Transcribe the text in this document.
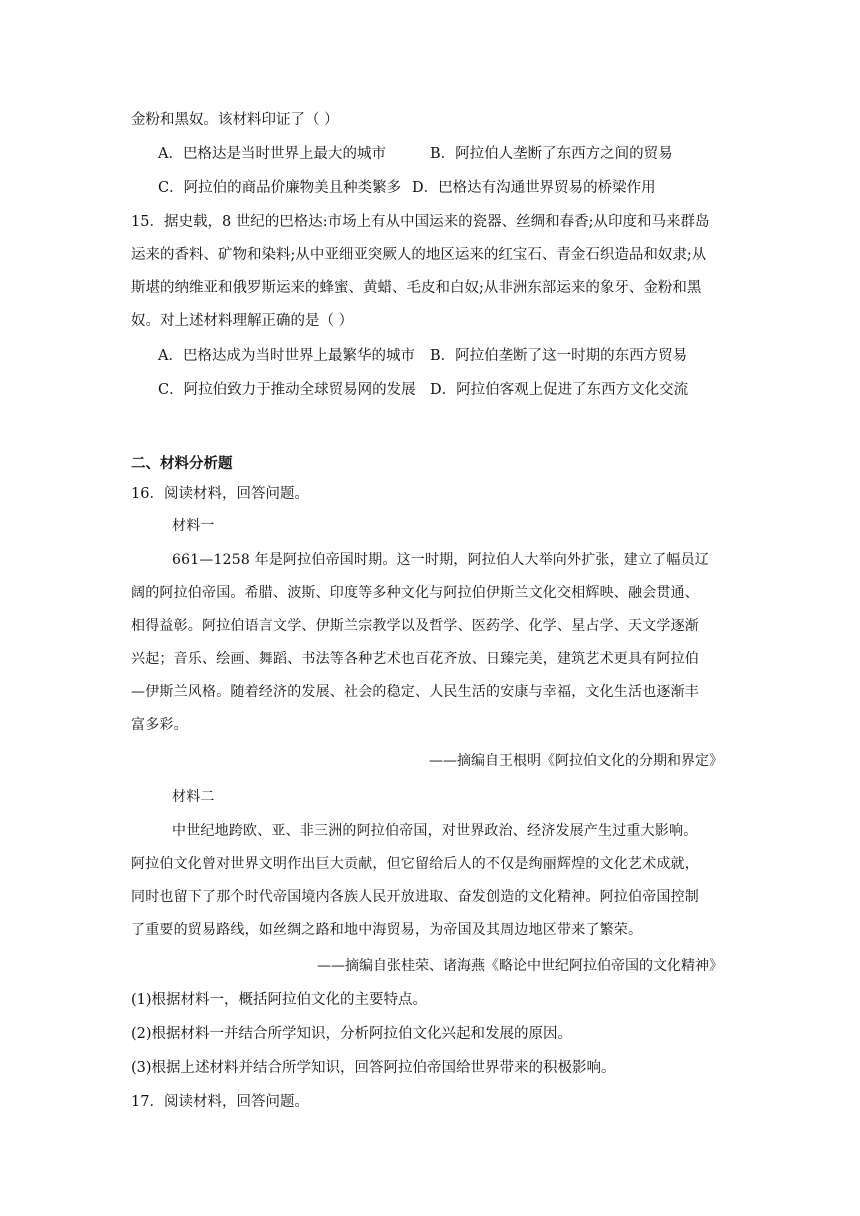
金粉和黑奴。该材料印证了（ ）
A．巴格达是当时世界上最大的城市	B．阿拉伯人垄断了东西方之间的贸易
C．阿拉伯的商品价廉物美且种类繁多 D．巴格达有沟通世界贸易的桥梁作用
15．据史载，8 世纪的巴格达:市场上有从中国运来的瓷器、丝绸和春香;从印度和马来群岛
运来的香料、矿物和染料;从中亚细亚突厥人的地区运来的红宝石、青金石织造品和奴隶;从
斯堪的纳维亚和俄罗斯运来的蜂蜜、黄蜡、毛皮和白奴;从非洲东部运来的象牙、金粉和黑
奴。对上述材料理解正确的是（ ）
A．巴格达成为当时世界上最繁华的城市 B．阿拉伯垄断了这一时期的东西方贸易
C．阿拉伯致力于推动全球贸易网的发展 D．阿拉伯客观上促进了东西方文化交流
二、材料分析题
16．阅读材料，回答问题。
材料一
661—1258 年是阿拉伯帝国时期。这一时期，阿拉伯人大举向外扩张，建立了幅员辽
阔的阿拉伯帝国。希腊、波斯、印度等多种文化与阿拉伯伊斯兰文化交相辉映、融会贯通、
相得益彰。阿拉伯语言文学、伊斯兰宗教学以及哲学、医药学、化学、星占学、天文学逐渐
兴起；音乐、绘画、舞蹈、书法等各种艺术也百花齐放、日臻完美，建筑艺术更具有阿拉伯
—伊斯兰风格。随着经济的发展、社会的稳定、人民生活的安康与幸福，文化生活也逐渐丰
富多彩。
——摘编自王根明《阿拉伯文化的分期和界定》
材料二
中世纪地跨欧、亚、非三洲的阿拉伯帝国，对世界政治、经济发展产生过重大影响。
阿拉伯文化曾对世界文明作出巨大贡献，但它留给后人的不仅是绚丽辉煌的文化艺术成就，
同时也留下了那个时代帝国境内各族人民开放进取、奋发创造的文化精神。阿拉伯帝国控制
了重要的贸易路线，如丝绸之路和地中海贸易，为帝国及其周边地区带来了繁荣。
——摘编自张桂荣、诸海燕《略论中世纪阿拉伯帝国的文化精神》
(1)根据材料一，概括阿拉伯文化的主要特点。
(2)根据材料一并结合所学知识，分析阿拉伯文化兴起和发展的原因。
(3)根据上述材料并结合所学知识，回答阿拉伯帝国给世界带来的积极影响。
17．阅读材料，回答问题。
